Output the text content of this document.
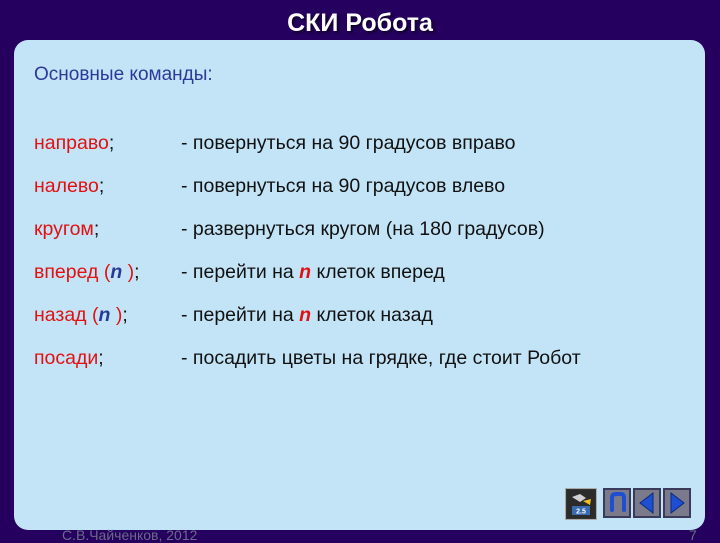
СКИ Робота
Основные команды:
направо;	- повернуться на 90 градусов вправо
налево;	- повернуться на 90 градусов влево
кругом;	- развернуться кругом (на 180 градусов)
вперед (n ); - перейти на n клеток вперед
назад (n );	- перейти на n клеток назад
посади;	- посадить цветы на грядке, где стоит Робот
С.В.Чайченков, 2012	7
2.5
